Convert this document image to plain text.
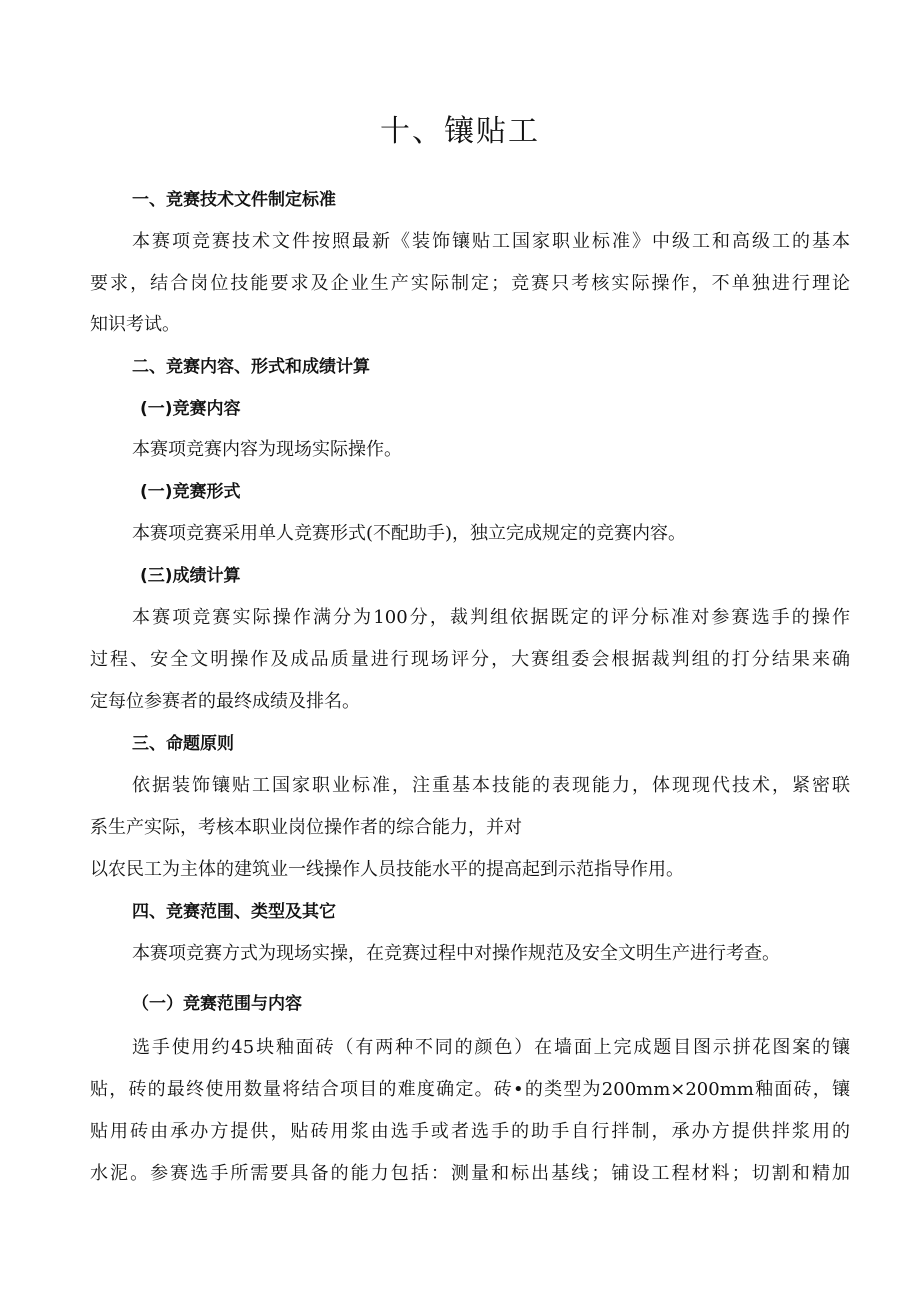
十、镶贴工
一、竞赛技术文件制定标准
本赛项竞赛技术文件按照最新《装饰镶贴工国家职业标准》中级工和高级工的基本
要求，结合岗位技能要求及企业生产实际制定；竞赛只考核实际操作，不单独进行理论
知识考试。
二、竞赛内容、形式和成绩计算
(一)竞赛内容
本赛项竞赛内容为现场实际操作。
(一)竞赛形式
本赛项竞赛采用单人竞赛形式(不配助手)，独立完成规定的竞赛内容。
(三)成绩计算
本赛项竞赛实际操作满分为100分，裁判组依据既定的评分标准对参赛选手的操作
过程、安全文明操作及成品质量进行现场评分，大赛组委会根据裁判组的打分结果来确
定每位参赛者的最终成绩及排名。
三、命题原则
依据装饰镶贴工国家职业标准，注重基本技能的表现能力，体现现代技术，紧密联
系生产实际，考核本职业岗位操作者的综合能力，并对
以农民工为主体的建筑业一线操作人员技能水平的提高起到示范指导作用。
四、竞赛范围、类型及其它
本赛项竞赛方式为现场实操，在竞赛过程中对操作规范及安全文明生产进行考查。
（一）竞赛范围与内容
选手使用约45块釉面砖（有两种不同的颜色）在墙面上完成题目图示拼花图案的镶
贴，砖的最终使用数量将结合项目的难度确定。砖•的类型为200mm×200mm釉面砖，镶
贴用砖由承办方提供，贴砖用浆由选手或者选手的助手自行拌制，承办方提供拌浆用的
水泥。参赛选手所需要具备的能力包括：测量和标出基线；铺设工程材料；切割和精加
